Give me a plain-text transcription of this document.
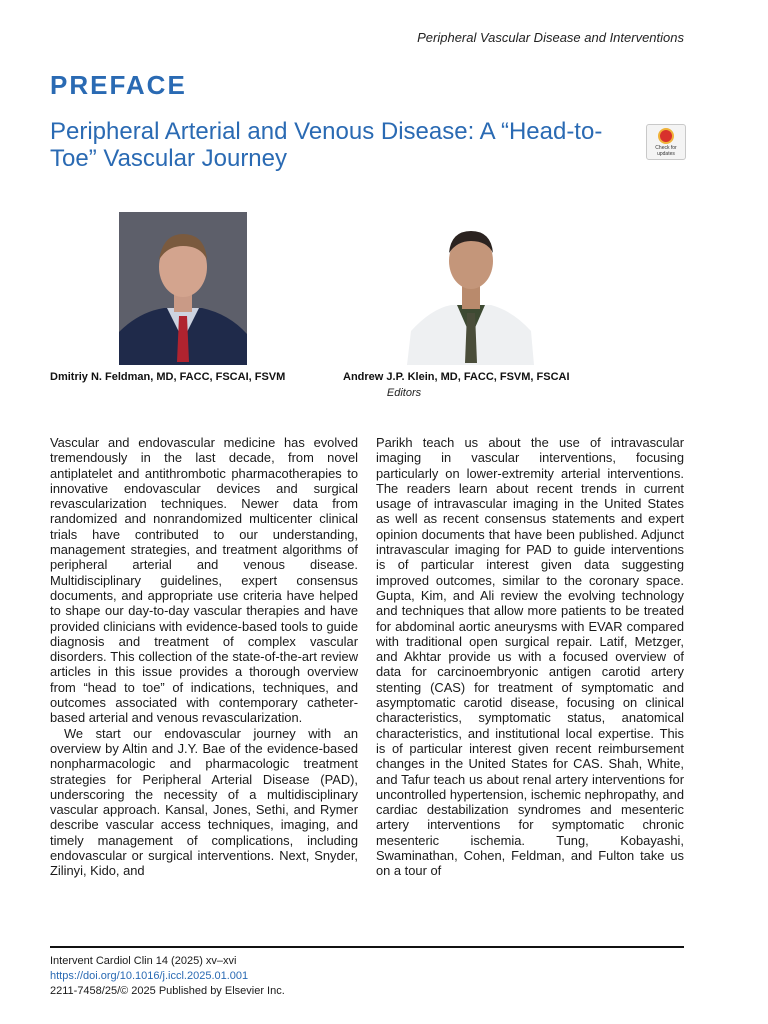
Peripheral Vascular Disease and Interventions
PREFACE
Peripheral Arterial and Venous Disease: A “Head-to-Toe” Vascular Journey	Check for updates
Dmitriy N. Feldman, MD, FACC, FSCAI, FSVM	Andrew J.P. Klein, MD, FACC, FSVM, FSCAI
Editors

Vascular and endovascular medicine has evolved tremendously in the last decade, from novel antiplatelet and antithrombotic pharmacotherapies to innovative endovascular devices and surgical revascularization techniques. Newer data from randomized and nonrandomized multicenter clinical trials have contributed to our understanding, management strategies, and treatment algorithms of peripheral arterial and venous disease. Multidisciplinary guidelines, expert consensus documents, and appropriate use criteria have helped to shape our day-to-day vascular therapies and have provided clinicians with evidence-based tools to guide diagnosis and treatment of complex vascular disorders. This collection of the state-of-the-art review articles in this issue provides a thorough overview from “head to toe” of indications, techniques, and outcomes associated with contemporary catheter-based arterial and venous revascularization.

We start our endovascular journey with an overview by Altin and J.Y. Bae of the evidence-based nonpharmacologic and pharmacologic treatment strategies for Peripheral Arterial Disease (PAD), underscoring the necessity of a multidisciplinary vascular approach. Kansal, Jones, Sethi, and Rymer describe vascular access techniques, imaging, and timely management of complications, including endovascular or surgical interventions. Next, Snyder, Zilinyi, Kido, and

Parikh teach us about the use of intravascular imaging in vascular interventions, focusing particularly on lower-extremity arterial interventions. The readers learn about recent trends in current usage of intravascular imaging in the United States as well as recent consensus statements and expert opinion documents that have been published. Adjunct intravascular imaging for PAD to guide interventions is of particular interest given data suggesting improved outcomes, similar to the coronary space. Gupta, Kim, and Ali review the evolving technology and techniques that allow more patients to be treated for abdominal aortic aneurysms with EVAR compared with traditional open surgical repair. Latif, Metzger, and Akhtar provide us with a focused overview of data for carcinoembryonic antigen carotid artery stenting (CAS) for treatment of symptomatic and asymptomatic carotid disease, focusing on clinical characteristics, symptomatic status, anatomical characteristics, and institutional local expertise. This is of particular interest given recent reimbursement changes in the United States for CAS. Shah, White, and Tafur teach us about renal artery interventions for uncontrolled hypertension, ischemic nephropathy, and cardiac destabilization syndromes and mesenteric artery interventions for symptomatic chronic mesenteric ischemia. Tung, Kobayashi, Swaminathan, Cohen, Feldman, and Fulton take us on a tour of

Intervent Cardiol Clin 14 (2025) xv–xvi
https://doi.org/10.1016/j.iccl.2025.01.001
2211-7458/25/© 2025 Published by Elsevier Inc.
